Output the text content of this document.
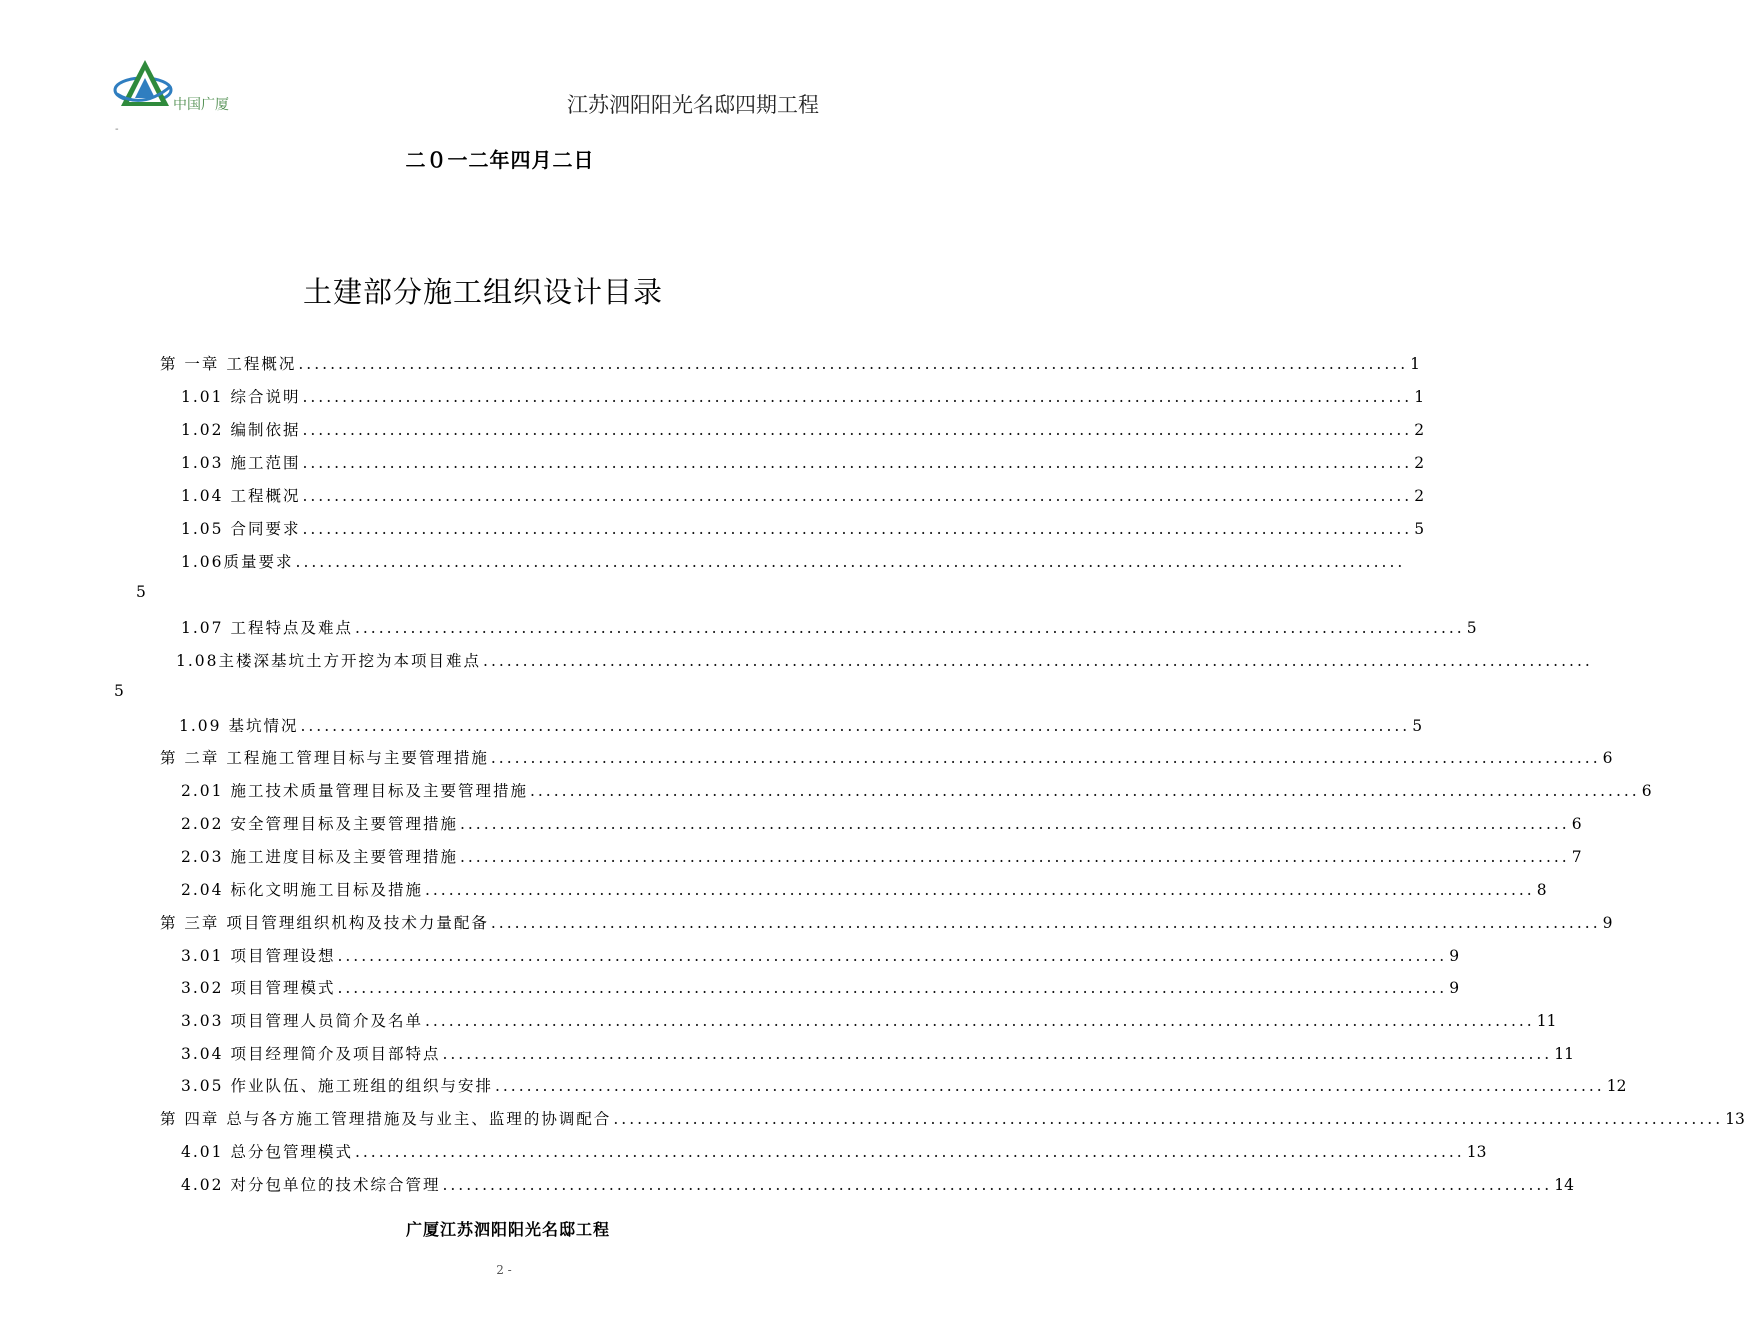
中国广厦	江苏泗阳阳光名邸四期工程
-
二０一二年四月二日
土建部分施工组织设计目录
第 一章 工程概况 ............................................................................................................................................ 1
1.01 综合说明 ............................................................................................................................................ 1
1.02 编制依据 ............................................................................................................................................ 2
1.03 施工范围 ............................................................................................................................................ 2
1.04 工程概况 ............................................................................................................................................ 2
1.05 合同要求 ............................................................................................................................................ 5
5
1.06质量要求 ............................................................................................................................................
1.07 工程特点及难点 ............................................................................................................................................ 5
5
1.08主楼深基坑土方开挖为本项目难点 ............................................................................................................................................
1.09 基坑情况 ............................................................................................................................................ 5
第 二章 工程施工管理目标与主要管理措施 ............................................................................................................................................ 6
2.01 施工技术质量管理目标及主要管理措施 ............................................................................................................................................ 6
2.02 安全管理目标及主要管理措施 ............................................................................................................................................ 6
2.03 施工进度目标及主要管理措施 ............................................................................................................................................ 7
2.04 标化文明施工目标及措施 ............................................................................................................................................ 8
第 三章 项目管理组织机构及技术力量配备 ............................................................................................................................................ 9
3.01 项目管理设想 ............................................................................................................................................ 9
3.02 项目管理模式 ............................................................................................................................................ 9
3.03 项目管理人员简介及名单 ............................................................................................................................................ 11
3.04 项目经理简介及项目部特点 ............................................................................................................................................ 11
3.05 作业队伍、施工班组的组织与安排 ............................................................................................................................................ 12
第 四章 总与各方施工管理措施及与业主、监理的协调配合 ............................................................................................................................................ 13
4.01 总分包管理模式 ............................................................................................................................................ 13
4.02 对分包单位的技术综合管理 ............................................................................................................................................ 14
广厦江苏泗阳阳光名邸工程
2 -
